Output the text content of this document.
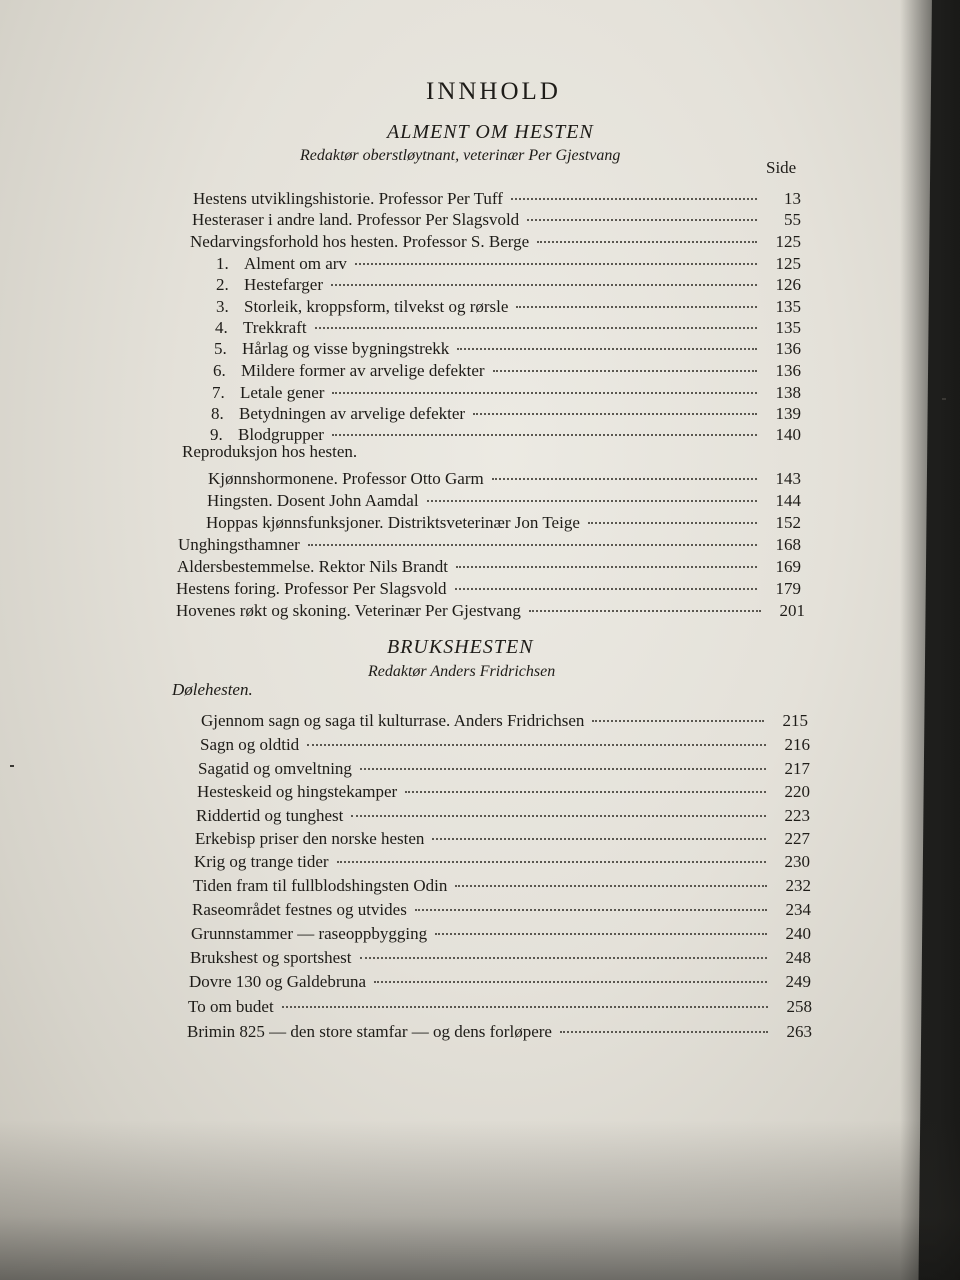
INNHOLD
ALMENT OM HESTEN
Redaktør oberstløytnant, veterinær Per Gjestvang
Side
Hestens utviklingshistorie. Professor Per Tuff	13
Hesteraser i andre land. Professor Per Slagsvold	55
Nedarvingsforhold hos hesten. Professor S. Berge	125
1. Alment om arv	125
2. Hestefarger	126
3. Storleik, kroppsform, tilvekst og rørsle	135
4. Trekkraft	135
5. Hårlag og visse bygningstrekk	136
6. Mildere former av arvelige defekter	136
7. Letale gener	138
8. Betydningen av arvelige defekter	139
9. Blodgrupper	140
Reproduksjon hos hesten.
Kjønnshormonene. Professor Otto Garm	143
Hingsten. Dosent John Aamdal	144
Hoppas kjønnsfunksjoner. Distriktsveterinær Jon Teige	152
Unghingsthamner	168
Aldersbestemmelse. Rektor Nils Brandt	169
Hestens foring. Professor Per Slagsvold	179
Hovenes røkt og skoning. Veterinær Per Gjestvang	201
BRUKSHESTEN
Redaktør Anders Fridrichsen
Dølehesten.
Gjennom sagn og saga til kulturrase. Anders Fridrichsen	215
Sagn og oldtid	216
Sagatid og omveltning	217
Hesteskeid og hingstekamper	220
Riddertid og tunghest	223
Erkebisp priser den norske hesten	227
Krig og trange tider	230
Tiden fram til fullblodshingsten Odin	232
Raseområdet festnes og utvides	234
Grunnstammer — raseoppbygging	240
Brukshest og sportshest	248
Dovre 130 og Galdebruna	249
To om budet	258
Brimin 825 — den store stamfar — og dens forløpere	263
